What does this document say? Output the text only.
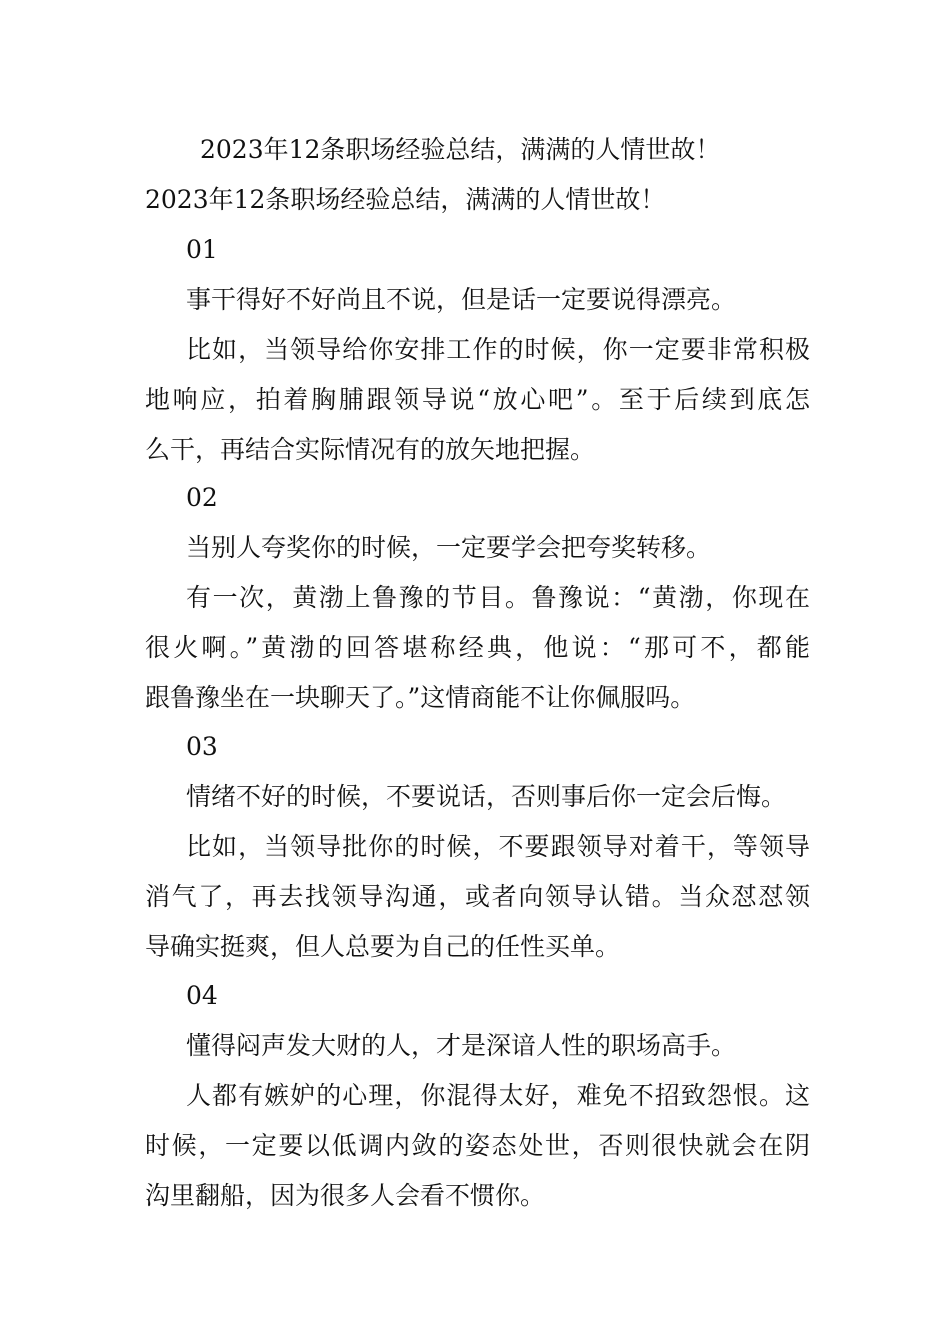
2023年12条职场经验总结，满满的人情世故！
2023年12条职场经验总结，满满的人情世故！
01
事干得好不好尚且不说，但是话一定要说得漂亮。
比如，当领导给你安排工作的时候，你一定要非常积极
地响应，拍着胸脯跟领导说“放心吧”。至于后续到底怎
么干，再结合实际情况有的放矢地把握。
02
当别人夸奖你的时候，一定要学会把夸奖转移。
有一次，黄渤上鲁豫的节目。鲁豫说：“黄渤，你现在
很火啊。”黄渤的回答堪称经典，他说：“那可不，都能
跟鲁豫坐在一块聊天了。”这情商能不让你佩服吗。
03
情绪不好的时候，不要说话，否则事后你一定会后悔。
比如，当领导批你的时候，不要跟领导对着干，等领导
消气了，再去找领导沟通，或者向领导认错。当众怼怼领
导确实挺爽，但人总要为自己的任性买单。
04
懂得闷声发大财的人，才是深谙人性的职场高手。
人都有嫉妒的心理，你混得太好，难免不招致怨恨。这
时候，一定要以低调内敛的姿态处世，否则很快就会在阴
沟里翻船，因为很多人会看不惯你。
